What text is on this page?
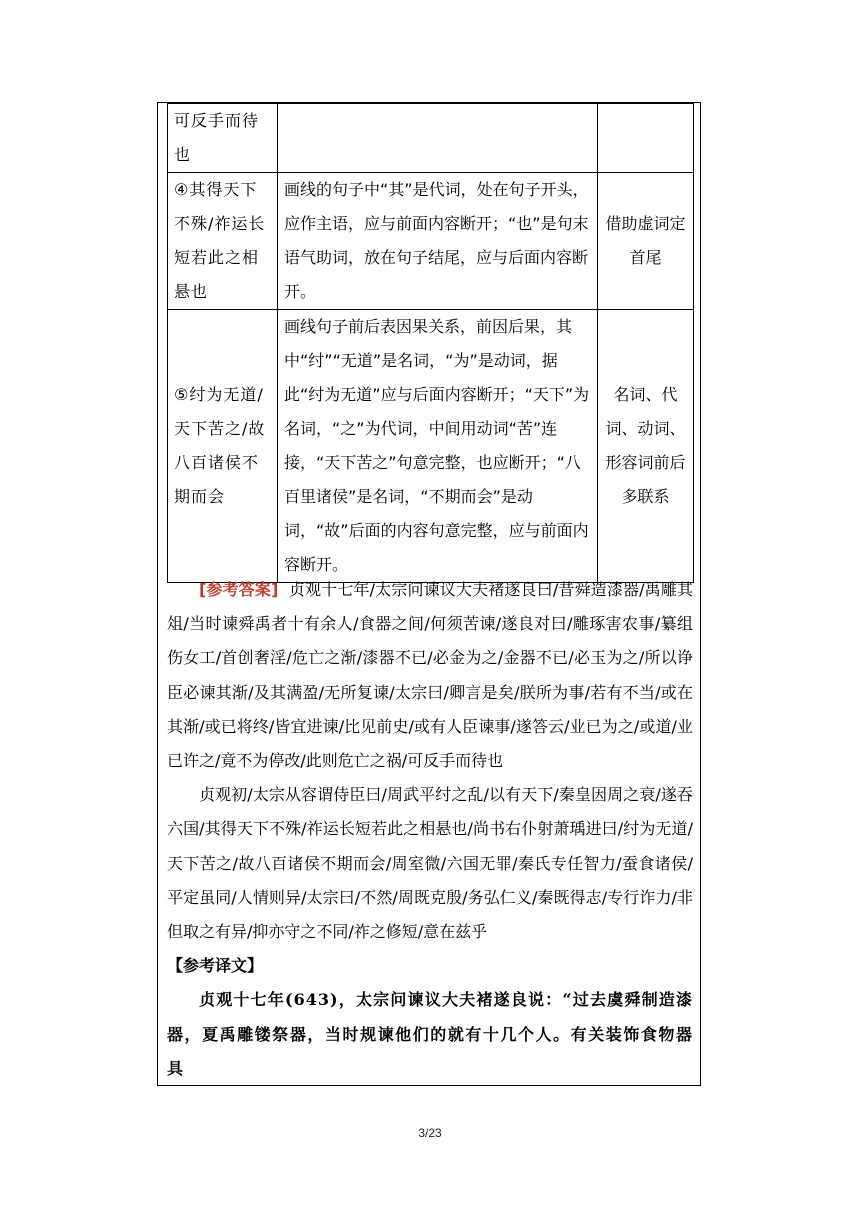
可反手而待也		
④其得天下不殊/祚运长短若此之相悬也	画线的句子中“其”是代词，处在句子开头，应作主语，应与前面内容断开；“也”是句末语气助词，放在句子结尾，应与后面内容断开。	借助虚词定首尾
⑤纣为无道/天下苦之/故八百诸侯不期而会	画线句子前后表因果关系，前因后果，其中“纣”“无道”是名词，“为”是动词，据此“纣为无道”应与后面内容断开；“天下”为名词，“之”为代词，中间用动词“苦”连接，“天下苦之”句意完整，也应断开；“八百里诸侯”是名词，“不期而会”是动词，“故”后面的内容句意完整，应与前面内容断开。	名词、代词、动词、形容词前后多联系

[参考答案] 贞观十七年/太宗问谏议大夫褚遂良曰/昔舜造漆器/禹雕其俎/当时谏舜禹者十有余人/食器之间/何须苦谏/遂良对曰/雕琢害农事/纂组伤女工/首创奢淫/危亡之渐/漆器不已/必金为之/金器不已/必玉为之/所以诤臣必谏其渐/及其满盈/无所复谏/太宗曰/卿言是矣/朕所为事/若有不当/或在其渐/或已将终/皆宜进谏/比见前史/或有人臣谏事/遂答云/业已为之/或道/业已许之/竟不为停改/此则危亡之祸/可反手而待也

贞观初/太宗从容谓侍臣曰/周武平纣之乱/以有天下/秦皇因周之衰/遂吞六国/其得天下不殊/祚运长短若此之相悬也/尚书右仆射萧瑀进曰/纣为无道/天下苦之/故八百诸侯不期而会/周室微/六国无罪/秦氏专任智力/蚕食诸侯/平定虽同/人情则异/太宗曰/不然/周既克殷/务弘仁义/秦既得志/专行诈力/非但取之有异/抑亦守之不同/祚之修短/意在兹乎

【参考译文】

贞观十七年(643)，太宗问谏议大夫褚遂良说：“过去虞舜制造漆器，夏禹雕镂祭器，当时规谏他们的就有十几个人。有关装饰食物器具

3/23
